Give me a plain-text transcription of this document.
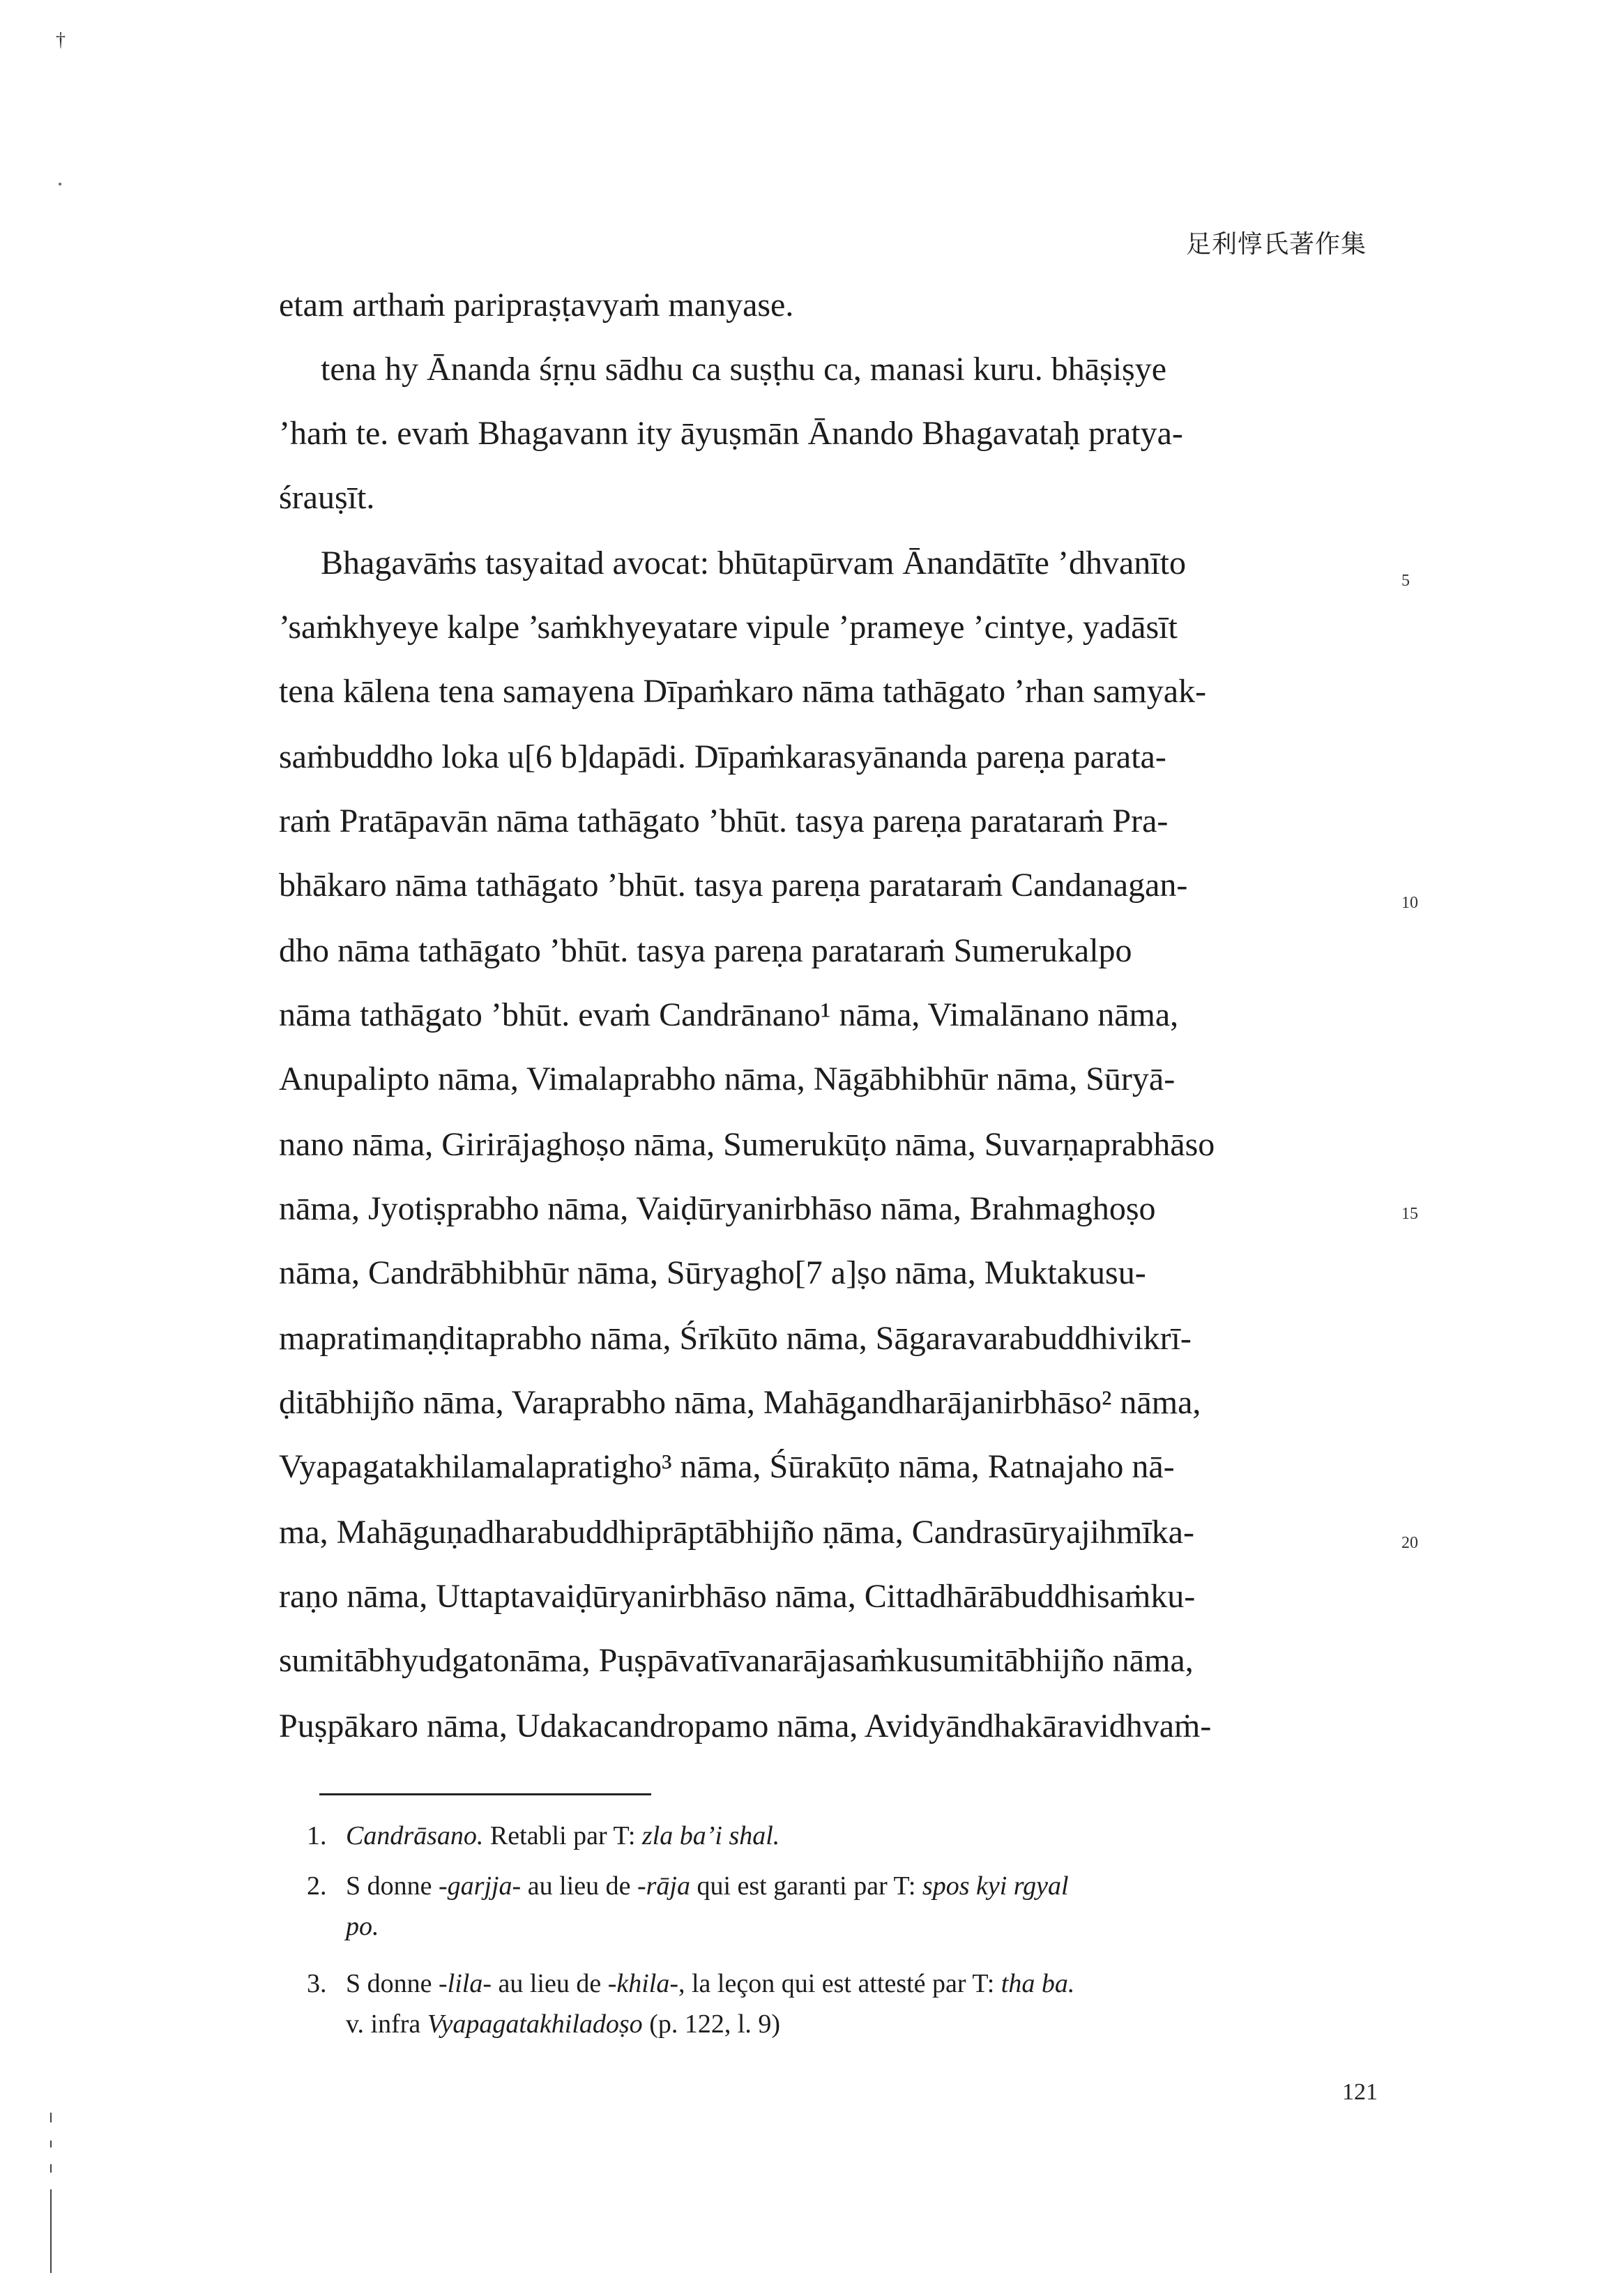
†
足利惇氏著作集
etam arthaṁ paripraṣṭavyaṁ manyase.
tena hy Ānanda śṛṇu sādhu ca suṣṭhu ca, manasi kuru. bhāṣiṣye
’haṁ te. evaṁ Bhagavann ity āyuṣmān Ānando Bhagavataḥ pratya-
śrauṣīt.
Bhagavāṁs tasyaitad avocat: bhūtapūrvam Ānandātīte ’dhvanīto
’saṁkhyeye kalpe ’saṁkhyeyatare vipule ’prameye ’cintye, yadāsīt
tena kālena tena samayena Dīpaṁkaro nāma tathāgato ’rhan samyak-
saṁbuddho loka u[6 b]dapādi. Dīpaṁkarasyānanda pareṇa parata-
raṁ Pratāpavān nāma tathāgato ’bhūt. tasya pareṇa parataraṁ Pra-
bhākaro nāma tathāgato ’bhūt. tasya pareṇa parataraṁ Candanagan-
dho nāma tathāgato ’bhūt. tasya pareṇa parataraṁ Sumerukalpo
nāma tathāgato ’bhūt. evaṁ Candrānano¹ nāma, Vimalānano nāma,
Anupalipto nāma, Vimalaprabho nāma, Nāgābhibhūr nāma, Sūryā-
nano nāma, Girirājaghoṣo nāma, Sumerukūṭo nāma, Suvarṇaprabhāso
nāma, Jyotiṣprabho nāma, Vaiḍūryanirbhāso nāma, Brahmaghoṣo
nāma, Candrābhibhūr nāma, Sūryagho[7 a]ṣo nāma, Muktakusu-
mapratimaṇḍitaprabho nāma, Śrīkūto nāma, Sāgaravarabuddhivikrī-
ḍitābhijño nāma, Varaprabho nāma, Mahāgandharājanirbhāso² nāma,
Vyapagatakhilamalapratigho³ nāma, Śūrakūṭo nāma, Ratnajaho nā-
ma, Mahāguṇadharabuddhiprāptābhijño ṇāma, Candrasūryajihmīka-
raṇo nāma, Uttaptavaiḍūryanirbhāso nāma, Cittadhārābuddhisaṁku-
sumitābhyudgatonāma, Puṣpāvatīvanarājasaṁkusumitābhijño nāma,
Puṣpākaro nāma, Udakacandropamo nāma, Avidyāndhakāravidhvaṁ-
5
10
15
20
1. Candrāsano. Retabli par T: zla ba’i shal.
2. S donne -garjja- au lieu de -rāja qui est garanti par T: spos kyi rgyal
po.
3. S donne -lila- au lieu de -khila-, la leçon qui est attesté par T: tha ba.
v. infra Vyapagatakhiladoṣo (p. 122, l. 9)
121
